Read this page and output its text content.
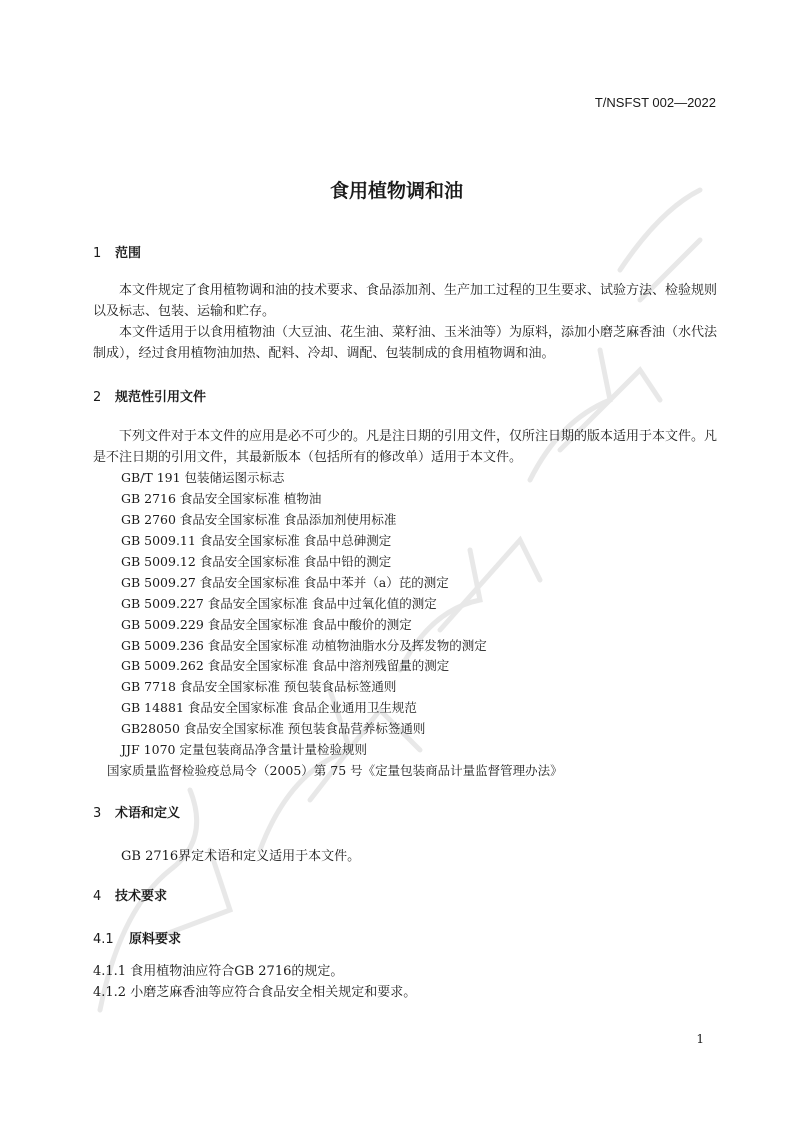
T/NSFST 002—2022
食用植物调和油
1 范围
本文件规定了食用植物调和油的技术要求、食品添加剂、生产加工过程的卫生要求、试验方法、检验规则以及标志、包装、运输和贮存。
本文件适用于以食用植物油（大豆油、花生油、菜籽油、玉米油等）为原料，添加小磨芝麻香油（水代法制成），经过食用植物油加热、配料、冷却、调配、包装制成的食用植物调和油。
2 规范性引用文件
下列文件对于本文件的应用是必不可少的。凡是注日期的引用文件，仅所注日期的版本适用于本文件。凡是不注日期的引用文件，其最新版本（包括所有的修改单）适用于本文件。
GB/T 191 包装储运图示标志
GB 2716 食品安全国家标准 植物油
GB 2760 食品安全国家标准 食品添加剂使用标准
GB 5009.11 食品安全国家标准 食品中总砷测定
GB 5009.12 食品安全国家标准 食品中铅的测定
GB 5009.27 食品安全国家标准 食品中苯并（a）芘的测定
GB 5009.227 食品安全国家标准 食品中过氧化值的测定
GB 5009.229 食品安全国家标准 食品中酸价的测定
GB 5009.236 食品安全国家标准 动植物油脂水分及挥发物的测定
GB 5009.262 食品安全国家标准 食品中溶剂残留量的测定
GB 7718 食品安全国家标准 预包装食品标签通则
GB 14881 食品安全国家标准 食品企业通用卫生规范
GB28050 食品安全国家标准 预包装食品营养标签通则
JJF 1070 定量包装商品净含量计量检验规则
国家质量监督检验疫总局令（2005）第 75 号《定量包装商品计量监督管理办法》
3 术语和定义
GB 2716界定术语和定义适用于本文件。
4 技术要求
4.1 原料要求
4.1.1 食用植物油应符合GB 2716的规定。
4.1.2 小磨芝麻香油等应符合食品安全相关规定和要求。
1
